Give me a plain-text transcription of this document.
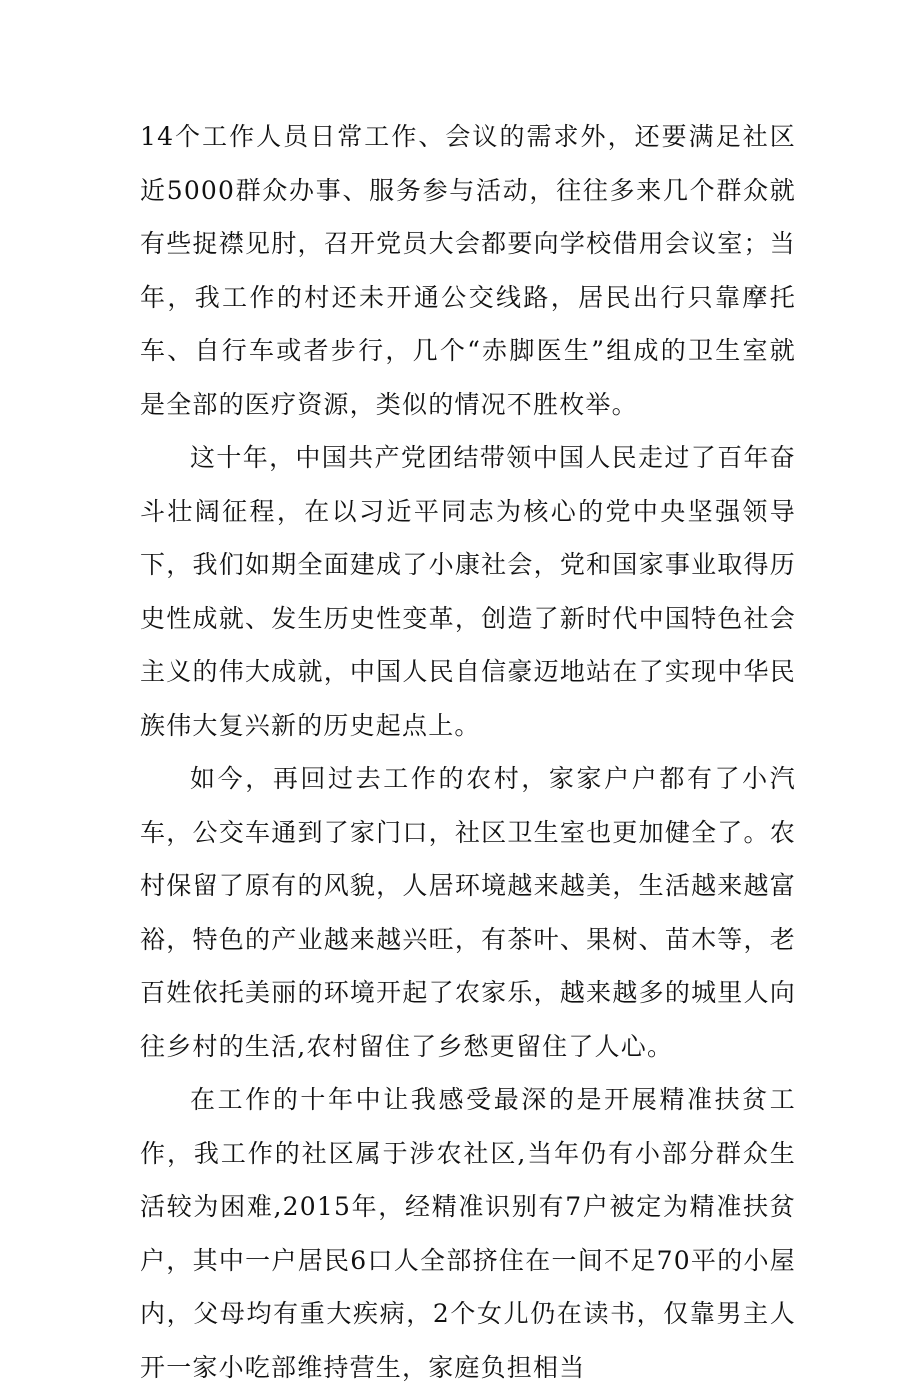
14个工作人员日常工作、会议的需求外，还要满足社区近5000群众办事、服务参与活动，往往多来几个群众就有些捉襟见肘，召开党员大会都要向学校借用会议室；当年，我工作的村还未开通公交线路，居民出行只靠摩托车、自行车或者步行，几个“赤脚医生”组成的卫生室就是全部的医疗资源，类似的情况不胜枚举。

这十年，中国共产党团结带领中国人民走过了百年奋斗壮阔征程，在以习近平同志为核心的党中央坚强领导下，我们如期全面建成了小康社会，党和国家事业取得历史性成就、发生历史性变革，创造了新时代中国特色社会主义的伟大成就，中国人民自信豪迈地站在了实现中华民族伟大复兴新的历史起点上。

如今，再回过去工作的农村，家家户户都有了小汽车，公交车通到了家门口，社区卫生室也更加健全了。农村保留了原有的风貌，人居环境越来越美，生活越来越富裕，特色的产业越来越兴旺，有茶叶、果树、苗木等，老百姓依托美丽的环境开起了农家乐，越来越多的城里人向往乡村的生活,农村留住了乡愁更留住了人心。

在工作的十年中让我感受最深的是开展精准扶贫工作，我工作的社区属于涉农社区,当年仍有小部分群众生活较为困难,2015年，经精准识别有7户被定为精准扶贫户，其中一户居民6口人全部挤住在一间不足70平的小屋内，父母均有重大疾病，2个女儿仍在读书，仅靠男主人开一家小吃部维持营生，家庭负担相当
